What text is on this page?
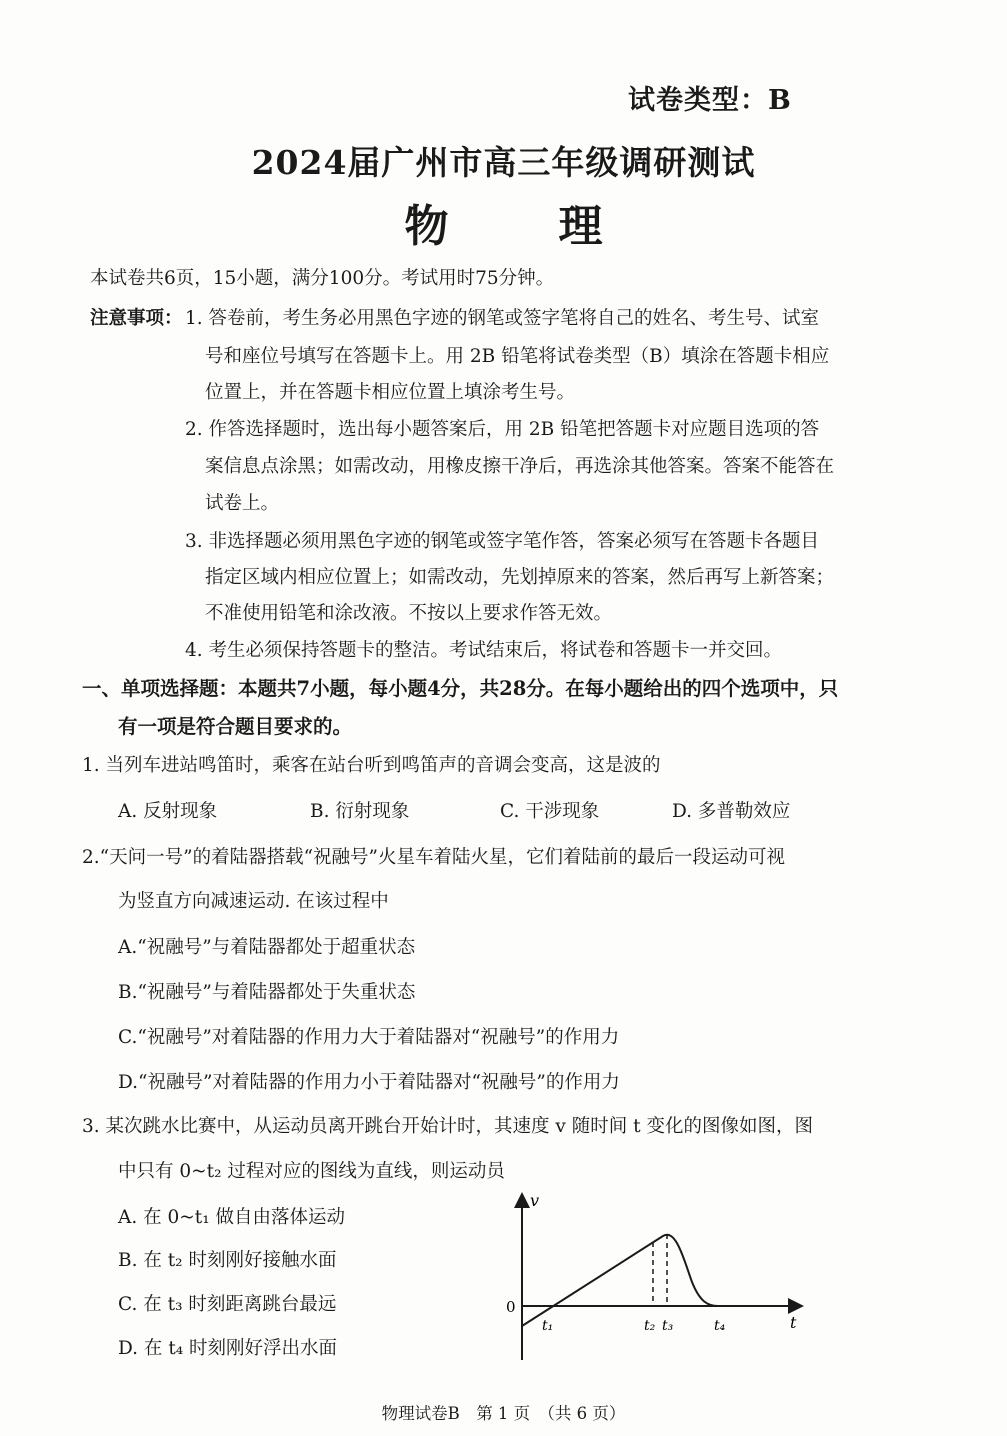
试卷类型：B
2024届广州市高三年级调研测试
物	理
本试卷共6页，15小题，满分100分。考试用时75分钟。
注意事项： 1. 答卷前，考生务必用黑色字迹的钢笔或签字笔将自己的姓名、考生号、试室
号和座位号填写在答题卡上。用 2B 铅笔将试卷类型（B）填涂在答题卡相应
位置上，并在答题卡相应位置上填涂考生号。
2. 作答选择题时，选出每小题答案后，用 2B 铅笔把答题卡对应题目选项的答
案信息点涂黑；如需改动，用橡皮擦干净后，再选涂其他答案。答案不能答在
试卷上。
3. 非选择题必须用黑色字迹的钢笔或签字笔作答，答案必须写在答题卡各题目
指定区域内相应位置上；如需改动，先划掉原来的答案，然后再写上新答案；
不准使用铅笔和涂改液。不按以上要求作答无效。
4. 考生必须保持答题卡的整洁。考试结束后，将试卷和答题卡一并交回。
一、单项选择题：本题共7小题，每小题4分，共28分。在每小题给出的四个选项中，只
有一项是符合题目要求的。
1. 当列车进站鸣笛时，乘客在站台听到鸣笛声的音调会变高，这是波的
A. 反射现象	B. 衍射现象	C. 干涉现象	D. 多普勒效应
2.“天问一号”的着陆器搭载“祝融号”火星车着陆火星，它们着陆前的最后一段运动可视
为竖直方向减速运动. 在该过程中
A.“祝融号”与着陆器都处于超重状态
B.“祝融号”与着陆器都处于失重状态
C.“祝融号”对着陆器的作用力大于着陆器对“祝融号”的作用力
D.“祝融号”对着陆器的作用力小于着陆器对“祝融号”的作用力
3. 某次跳水比赛中，从运动员离开跳台开始计时，其速度 v 随时间 t 变化的图像如图，图
中只有 0~t₂ 过程对应的图线为直线，则运动员
A. 在 0~t₁ 做自由落体运动
B. 在 t₂ 时刻刚好接触水面
C. 在 t₃ 时刻距离跳台最远
D. 在 t₄ 时刻刚好浮出水面
v
t
0
t₁	t₂ t₃	t₄
物理试卷B　第 1 页　（共 6 页）
